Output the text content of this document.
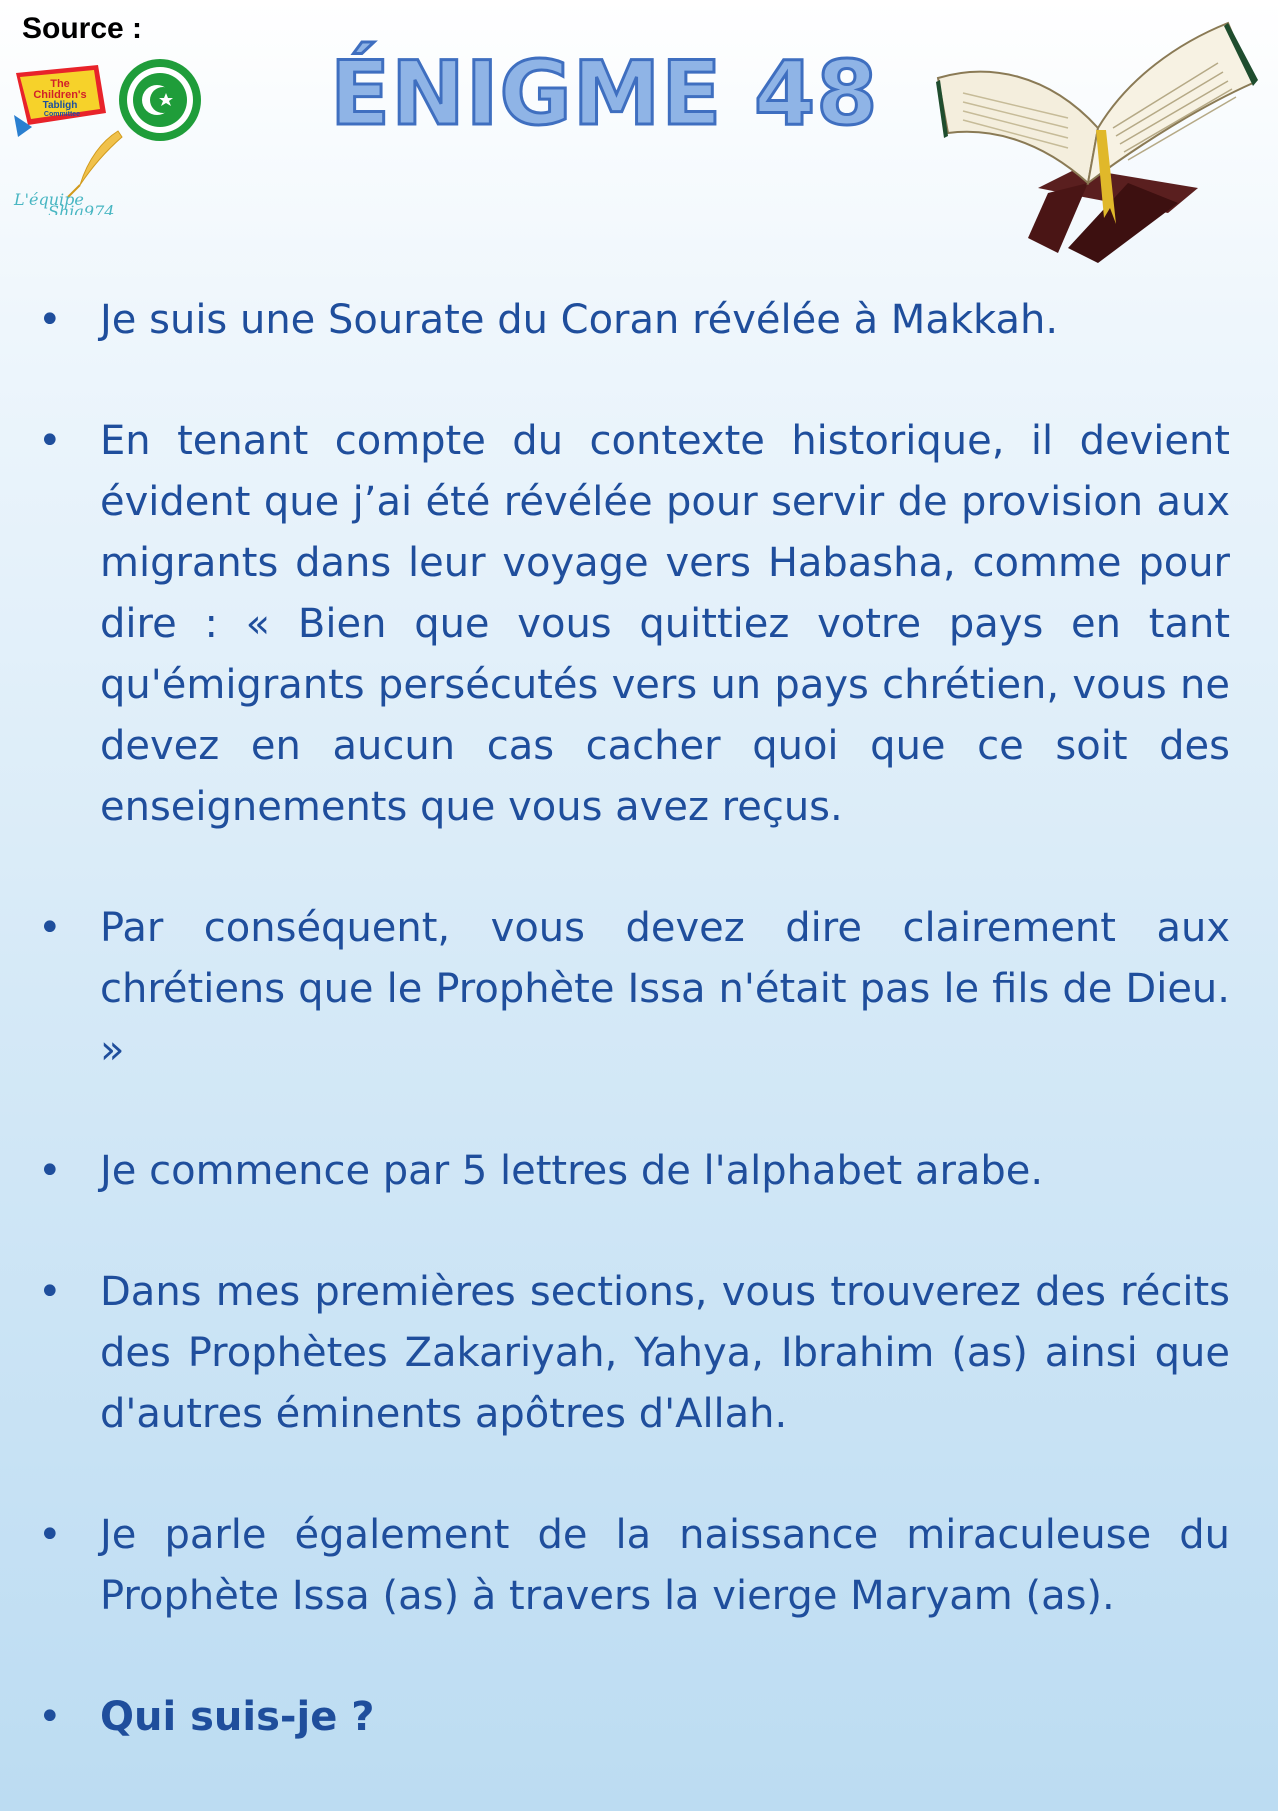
Source :
The
Children's
Tabligh
Committee
L'équipe
Shia974
ÉNIGME 48
• Je suis une Sourate du Coran révélée à Makkah.

• En tenant compte du contexte historique, il devient évident que j’ai été révélée pour servir de provision aux migrants dans leur voyage vers Habasha, comme pour dire : « Bien que vous quittiez votre pays en tant qu'émigrants persécutés vers un pays chrétien, vous ne devez en aucun cas cacher quoi que ce soit des enseignements que vous avez reçus.

• Par conséquent, vous devez dire clairement aux chrétiens que le Prophète Issa n'était pas le fils de Dieu. »

• Je commence par 5 lettres de l'alphabet arabe.

• Dans mes premières sections, vous trouverez des récits des Prophètes Zakariyah, Yahya, Ibrahim (as) ainsi que d'autres éminents apôtres d'Allah.

• Je parle également de la naissance miraculeuse du Prophète Issa (as) à travers la vierge Maryam (as).

• Qui suis-je ?
